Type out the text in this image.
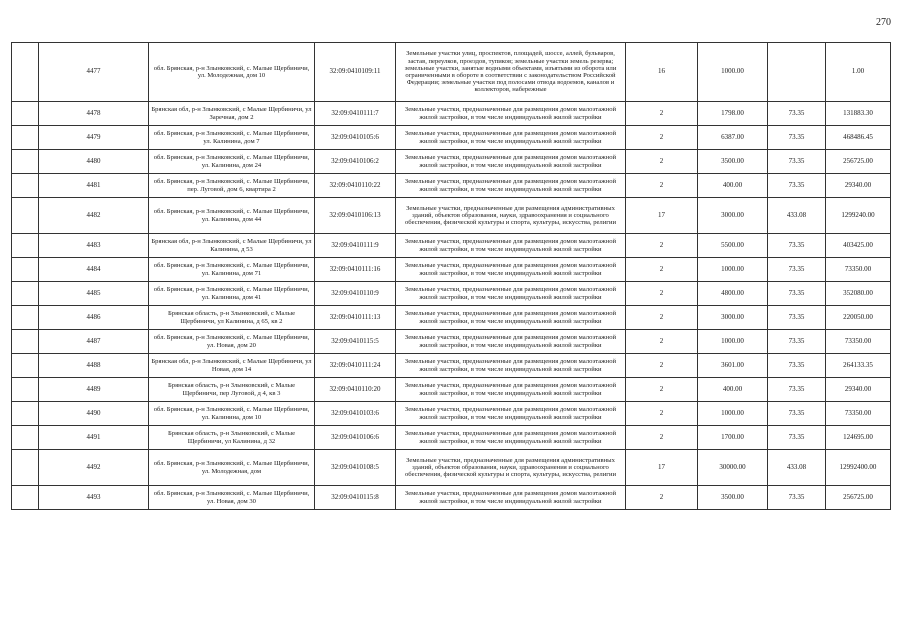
270
	4477	обл. Брянская, р-н Злынковский, с. Малые Щербиничи, ул. Молодежная, дом 10	32:09:0410109:11	Земельные участки улиц, проспектов, площадей, шоссе, аллей, бульваров, застав, переулков, проездов, тупиков; земельные участки земель резерва; земельные участки, занятые водными объектами, изъятыми из оборота или ограниченными в обороте в соответствии с законодательством Российской Федерации; земельные участки под полосами отвода водоемов, каналов и коллекторов, набережные	16	1000.00		1.00
	4478	Брянская обл, р-н Злынковский, с Малые Щербиничи, ул Заречная, дом 2	32:09:0410111:7	Земельные участки, предназначенные для размещения домов малоэтажной жилой застройки, в том числе индивидуальной жилой застройки	2	1798.00	73.35	131883.30
	4479	обл. Брянская, р-н Злынковский, с. Малые Щербиничи, ул. Калинина, дом 7	32:09:0410105:6	Земельные участки, предназначенные для размещения домов малоэтажной жилой застройки, в том числе индивидуальной жилой застройки	2	6387.00	73.35	468486.45
	4480	обл. Брянская, р-н Злынковский, с. Малые Щербиничи, ул. Калинина, дом 24	32:09:0410106:2	Земельные участки, предназначенные для размещения домов малоэтажной жилой застройки, в том числе индивидуальной жилой застройки	2	3500.00	73.35	256725.00
	4481	обл. Брянская, р-н Злынковский, с. Малые Щербиничи, пер. Луговой, дом 6, квартира 2	32:09:0410110:22	Земельные участки, предназначенные для размещения домов малоэтажной жилой застройки, в том числе индивидуальной жилой застройки	2	400.00	73.35	29340.00
	4482	обл. Брянская, р-н Злынковский, с. Малые Щербиничи, ул. Калинина, дом 44	32:09:0410106:13	Земельные участки, предназначенные для размещения административных зданий, объектов образования, науки, здравоохранения и социального обеспечения, физической культуры и спорта, культуры, искусства, религии	17	3000.00	433.08	1299240.00
	4483	Брянская обл, р-н Злынковский, с Малые Щербиничи, ул Калинина, д 53	32:09:0410111:9	Земельные участки, предназначенные для размещения домов малоэтажной жилой застройки, в том числе индивидуальной жилой застройки	2	5500.00	73.35	403425.00
	4484	обл. Брянская, р-н Злынковский, с. Малые Щербиничи, ул. Калинина, дом 71	32:09:0410111:16	Земельные участки, предназначенные для размещения домов малоэтажной жилой застройки, в том числе индивидуальной жилой застройки	2	1000.00	73.35	73350.00
	4485	обл. Брянская, р-н Злынковский, с. Малые Щербиничи, ул. Калинина, дом 41	32:09:0410110:9	Земельные участки, предназначенные для размещения домов малоэтажной жилой застройки, в том числе индивидуальной жилой застройки	2	4800.00	73.35	352080.00
	4486	Брянская область, р-н Злынковский, с Малые Щербиничи, ул Калинина, д 65, кв 2	32:09:0410111:13	Земельные участки, предназначенные для размещения домов малоэтажной жилой застройки, в том числе индивидуальной жилой застройки	2	3000.00	73.35	220050.00
	4487	обл. Брянская, р-н Злынковский, с. Малые Щербиничи, ул. Новая, дом 20	32:09:0410115:5	Земельные участки, предназначенные для размещения домов малоэтажной жилой застройки, в том числе индивидуальной жилой застройки	2	1000.00	73.35	73350.00
	4488	Брянская обл, р-н Злынковский, с Малые Щербиничи, ул Новая, дом 14	32:09:0410111:24	Земельные участки, предназначенные для размещения домов малоэтажной жилой застройки, в том числе индивидуальной жилой застройки	2	3601.00	73.35	264133.35
	4489	Брянская область, р-н Злынковский, с Малые Щербиничи, пер Луговой, д 4, кв 3	32:09:0410110:20	Земельные участки, предназначенные для размещения домов малоэтажной жилой застройки, в том числе индивидуальной жилой застройки	2	400.00	73.35	29340.00
	4490	обл. Брянская, р-н Злынковский, с. Малые Щербиничи, ул. Калинина, дом 10	32:09:0410103:6	Земельные участки, предназначенные для размещения домов малоэтажной жилой застройки, в том числе индивидуальной жилой застройки	2	1000.00	73.35	73350.00
	4491	Брянская область, р-н Злынковский, с Малые Щербиничи, ул Калинина, д 32	32:09:0410106:6	Земельные участки, предназначенные для размещения домов малоэтажной жилой застройки, в том числе индивидуальной жилой застройки	2	1700.00	73.35	124695.00
	4492	обл. Брянская, р-н Злынковский, с. Малые Щербиничи, ул. Молодежная, дом	32:09:0410108:5	Земельные участки, предназначенные для размещения административных зданий, объектов образования, науки, здравоохранения и социального обеспечения, физической культуры и спорта, культуры, искусства, религии	17	30000.00	433.08	12992400.00
	4493	обл. Брянская, р-н Злынковский, с. Малые Щербиничи, ул. Новая, дом 30	32:09:0410115:8	Земельные участки, предназначенные для размещения домов малоэтажной жилой застройки, в том числе индивидуальной жилой застройки	2	3500.00	73.35	256725.00
